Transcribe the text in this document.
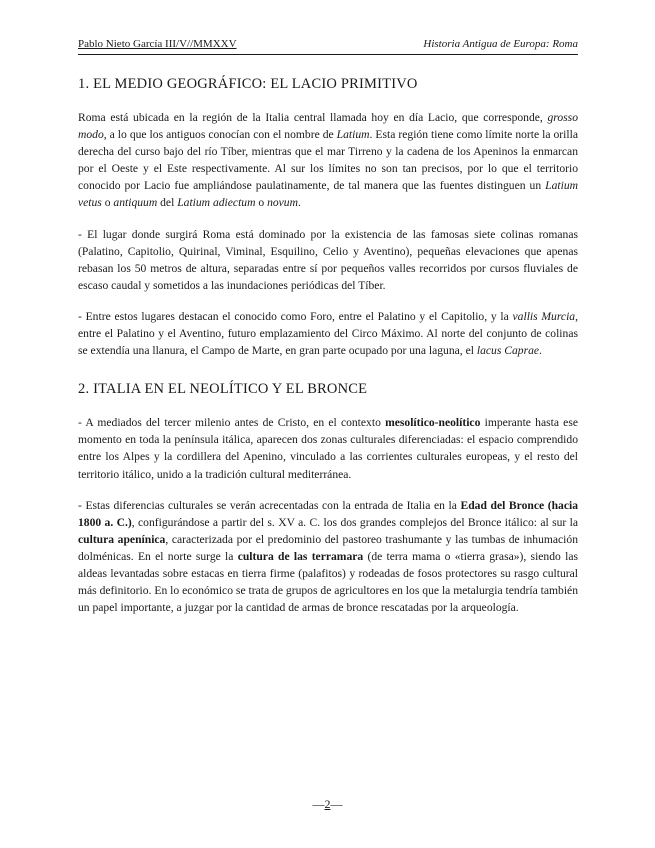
Pablo Nieto García III/V//MMXXV	Historia Antigua de Europa: Roma
1. EL MEDIO GEOGRÁFICO: EL LACIO PRIMITIVO

Roma está ubicada en la región de la Italia central llamada hoy en día Lacio, que corresponde, grosso modo, a lo que los antiguos conocían con el nombre de Latium. Esta región tiene como límite norte la orilla derecha del curso bajo del río Tíber, mientras que el mar Tirreno y la cadena de los Apeninos la enmarcan por el Oeste y el Este respectivamente. Al sur los límites no son tan precisos, por lo que el territorio conocido por Lacio fue ampliándose paulatinamente, de tal manera que las fuentes distinguen un Latium vetus o antiquum del Latium adiectum o novum.

- El lugar donde surgirá Roma está dominado por la existencia de las famosas siete colinas romanas (Palatino, Capitolio, Quirinal, Viminal, Esquilino, Celio y Aventino), pequeñas elevaciones que apenas rebasan los 50 metros de altura, separadas entre sí por pequeños valles recorridos por cursos fluviales de escaso caudal y sometidos a las inundaciones periódicas del Tíber.

- Entre estos lugares destacan el conocido como Foro, entre el Palatino y el Capitolio, y la vallis Murcia, entre el Palatino y el Aventino, futuro emplazamiento del Circo Máximo. Al norte del conjunto de colinas se extendía una llanura, el Campo de Marte, en gran parte ocupado por una laguna, el lacus Caprae.

2. ITALIA EN EL NEOLÍTICO Y EL BRONCE

- A mediados del tercer milenio antes de Cristo, en el contexto mesolítico-neolítico imperante hasta ese momento en toda la península itálica, aparecen dos zonas culturales diferenciadas: el espacio comprendido entre los Alpes y la cordillera del Apenino, vinculado a las corrientes culturales europeas, y el resto del territorio itálico, unido a la tradición cultural mediterránea.

- Estas diferencias culturales se verán acrecentadas con la entrada de Italia en la Edad del Bronce (hacia 1800 a. C.), configurándose a partir del s. XV a. C. los dos grandes complejos del Bronce itálico: al sur la cultura apenínica, caracterizada por el predominio del pastoreo trashumante y las tumbas de inhumación dolménicas. En el norte surge la cultura de las terramara (de terra mama o «tierra grasa»), siendo las aldeas levantadas sobre estacas en tierra firme (palafitos) y rodeadas de fosos protectores su rasgo cultural más definitorio. En lo económico se trata de grupos de agricultores en los que la metalurgia tendría también un papel importante, a juzgar por la cantidad de armas de bronce rescatadas por la arqueología.

—2—
